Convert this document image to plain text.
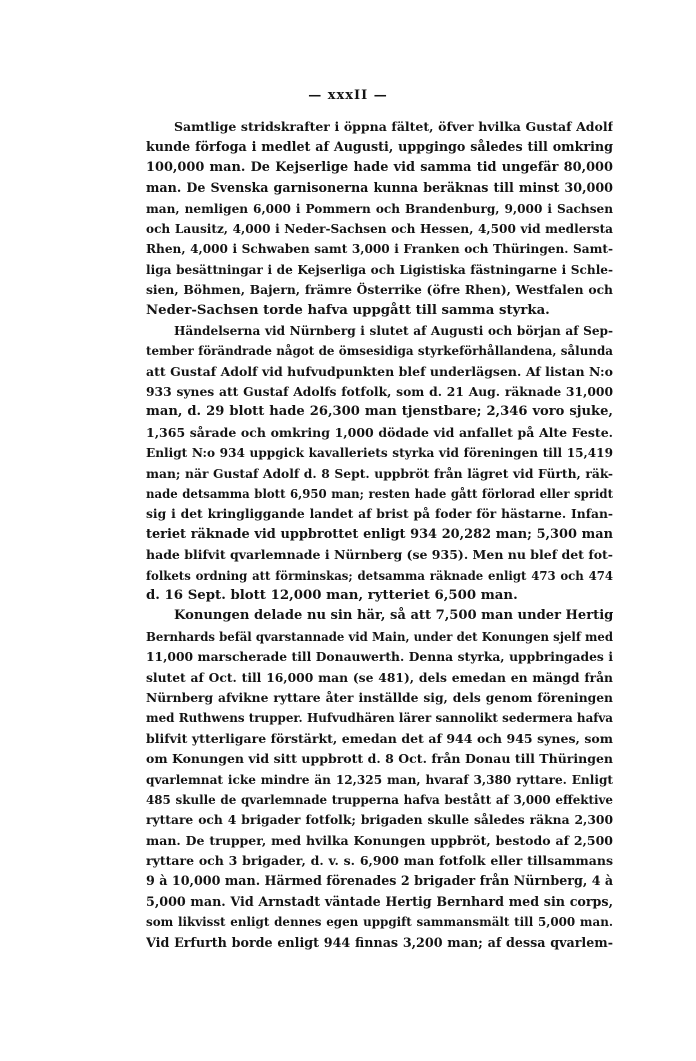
— xxxII —
Samtlige stridskrafter i öppna fältet, öfver hvilka Gustaf Adolf
kunde förfoga i medlet af Augusti, uppgingo således till omkring
100,000 man. De Kejserlige hade vid samma tid ungefär 80,000
man. De Svenska garnisonerna kunna beräknas till minst 30,000
man, nemligen 6,000 i Pommern och Brandenburg, 9,000 i Sachsen
och Lausitz, 4,000 i Neder-Sachsen och Hessen, 4,500 vid medlersta
Rhen, 4,000 i Schwaben samt 3,000 i Franken och Thüringen. Samt-
liga besättningar i de Kejserliga och Ligistiska fästningarne i Schle-
sien, Böhmen, Bajern, främre Österrike (öfre Rhen), Westfalen och
Neder-Sachsen torde hafva uppgått till samma styrka.
Händelserna vid Nürnberg i slutet af Augusti och början af Sep-
tember förändrade något de ömsesidiga styrkeförhållandena, sålunda
att Gustaf Adolf vid hufvudpunkten blef underlägsen. Af listan N:o
933 synes att Gustaf Adolfs fotfolk, som d. 21 Aug. räknade 31,000
man, d. 29 blott hade 26,300 man tjenstbare; 2,346 voro sjuke,
1,365 sårade och omkring 1,000 dödade vid anfallet på Alte Feste.
Enligt N:o 934 uppgick kavalleriets styrka vid föreningen till 15,419
man; när Gustaf Adolf d. 8 Sept. uppbröt från lägret vid Fürth, räk-
nade detsamma blott 6,950 man; resten hade gått förlorad eller spridt
sig i det kringliggande landet af brist på foder för hästarne. Infan-
teriet räknade vid uppbrottet enligt 934 20,282 man; 5,300 man
hade blifvit qvarlemnade i Nürnberg (se 935). Men nu blef det fot-
folkets ordning att förminskas; detsamma räknade enligt 473 och 474
d. 16 Sept. blott 12,000 man, rytteriet 6,500 man.
Konungen delade nu sin här, så att 7,500 man under Hertig
Bernhards befäl qvarstannade vid Main, under det Konungen sjelf med
11,000 marscherade till Donauwerth. Denna styrka, uppbringades i
slutet af Oct. till 16,000 man (se 481), dels emedan en mängd från
Nürnberg afvikne ryttare åter inställde sig, dels genom föreningen
med Ruthwens trupper. Hufvudhären lärer sannolikt sedermera hafva
blifvit ytterligare förstärkt, emedan det af 944 och 945 synes, som
om Konungen vid sitt uppbrott d. 8 Oct. från Donau till Thüringen
qvarlemnat icke mindre än 12,325 man, hvaraf 3,380 ryttare. Enligt
485 skulle de qvarlemnade trupperna hafva bestått af 3,000 effektive
ryttare och 4 brigader fotfolk; brigaden skulle således räkna 2,300
man. De trupper, med hvilka Konungen uppbröt, bestodo af 2,500
ryttare och 3 brigader, d. v. s. 6,900 man fotfolk eller tillsammans
9 à 10,000 man. Härmed förenades 2 brigader från Nürnberg, 4 à
5,000 man. Vid Arnstadt väntade Hertig Bernhard med sin corps,
som likvisst enligt dennes egen uppgift sammansmält till 5,000 man.
Vid Erfurth borde enligt 944 finnas 3,200 man; af dessa qvarlem-
